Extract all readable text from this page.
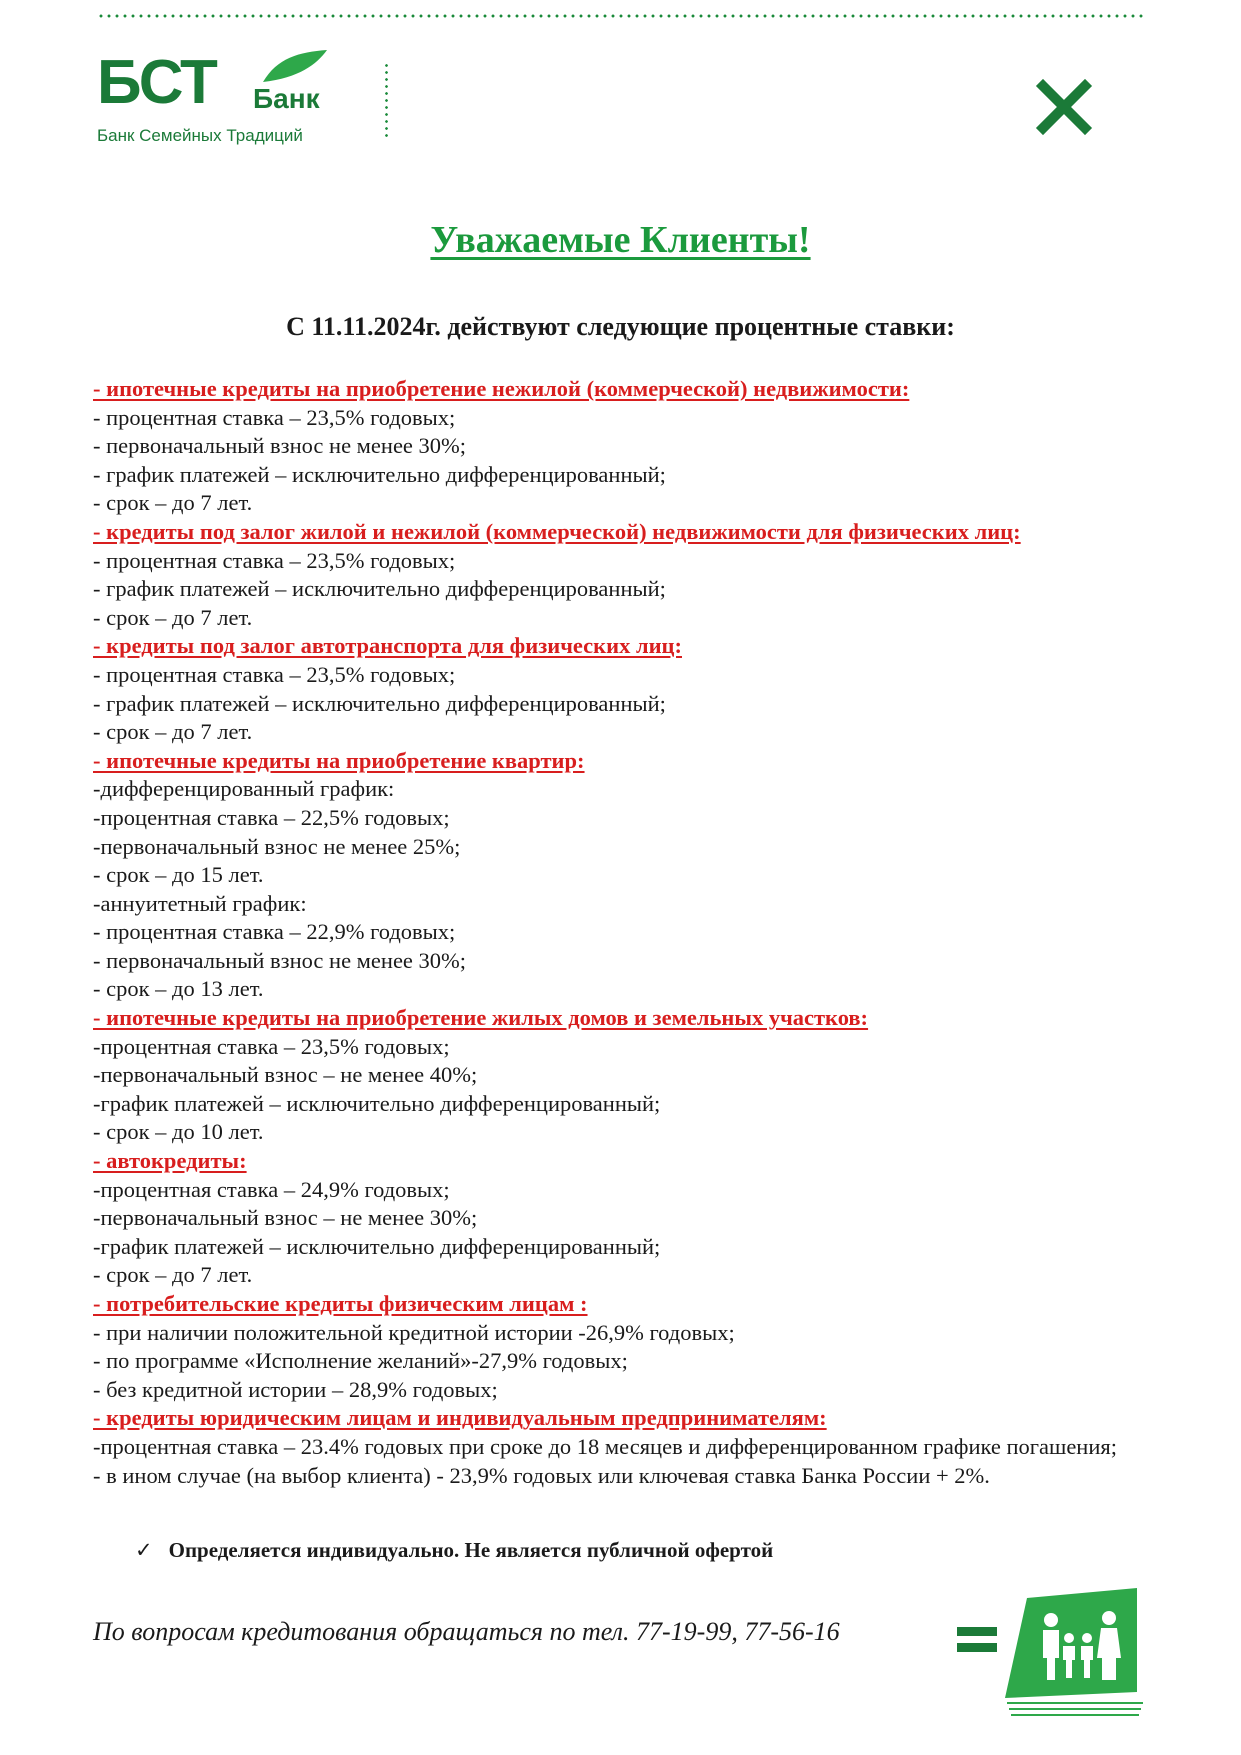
БСТ Банк
Банк Семейных Традиций
Уважаемые Клиенты!
С 11.11.2024г. действуют следующие процентные ставки:
- ипотечные кредиты на приобретение нежилой (коммерческой) недвижимости:
- процентная ставка – 23,5% годовых;
- первоначальный взнос не менее 30%;
- график платежей – исключительно дифференцированный;
- срок – до 7 лет.
- кредиты под залог жилой и нежилой (коммерческой) недвижимости для физических лиц:
- процентная ставка – 23,5% годовых;
- график платежей – исключительно дифференцированный;
- срок – до 7 лет.
- кредиты под залог автотранспорта для физических лиц:
- процентная ставка – 23,5% годовых;
- график платежей – исключительно дифференцированный;
- срок – до 7 лет.
- ипотечные кредиты на приобретение квартир:
-дифференцированный график:
-процентная ставка – 22,5% годовых;
-первоначальный взнос не менее 25%;
- срок – до 15 лет.
-аннуитетный график:
- процентная ставка – 22,9% годовых;
- первоначальный взнос не менее 30%;
- срок – до 13 лет.
- ипотечные кредиты на приобретение жилых домов и земельных участков:
-процентная ставка – 23,5% годовых;
-первоначальный взнос – не менее 40%;
-график платежей – исключительно дифференцированный;
- срок – до 10 лет.
- автокредиты:
-процентная ставка – 24,9% годовых;
-первоначальный взнос – не менее 30%;
-график платежей – исключительно дифференцированный;
- срок – до 7 лет.
- потребительские кредиты физическим лицам :
- при наличии положительной кредитной истории -26,9% годовых;
- по программе «Исполнение желаний»-27,9% годовых;
- без кредитной истории – 28,9% годовых;
- кредиты юридическим лицам и индивидуальным предпринимателям:
-процентная ставка – 23.4% годовых при сроке до 18 месяцев и дифференцированном графике погашения;
- в ином случае (на выбор клиента) - 23,9% годовых или ключевая ставка Банка России + 2%.
✓ Определяется индивидуально. Не является публичной офертой
По вопросам кредитования обращаться по тел. 77-19-99, 77-56-16
